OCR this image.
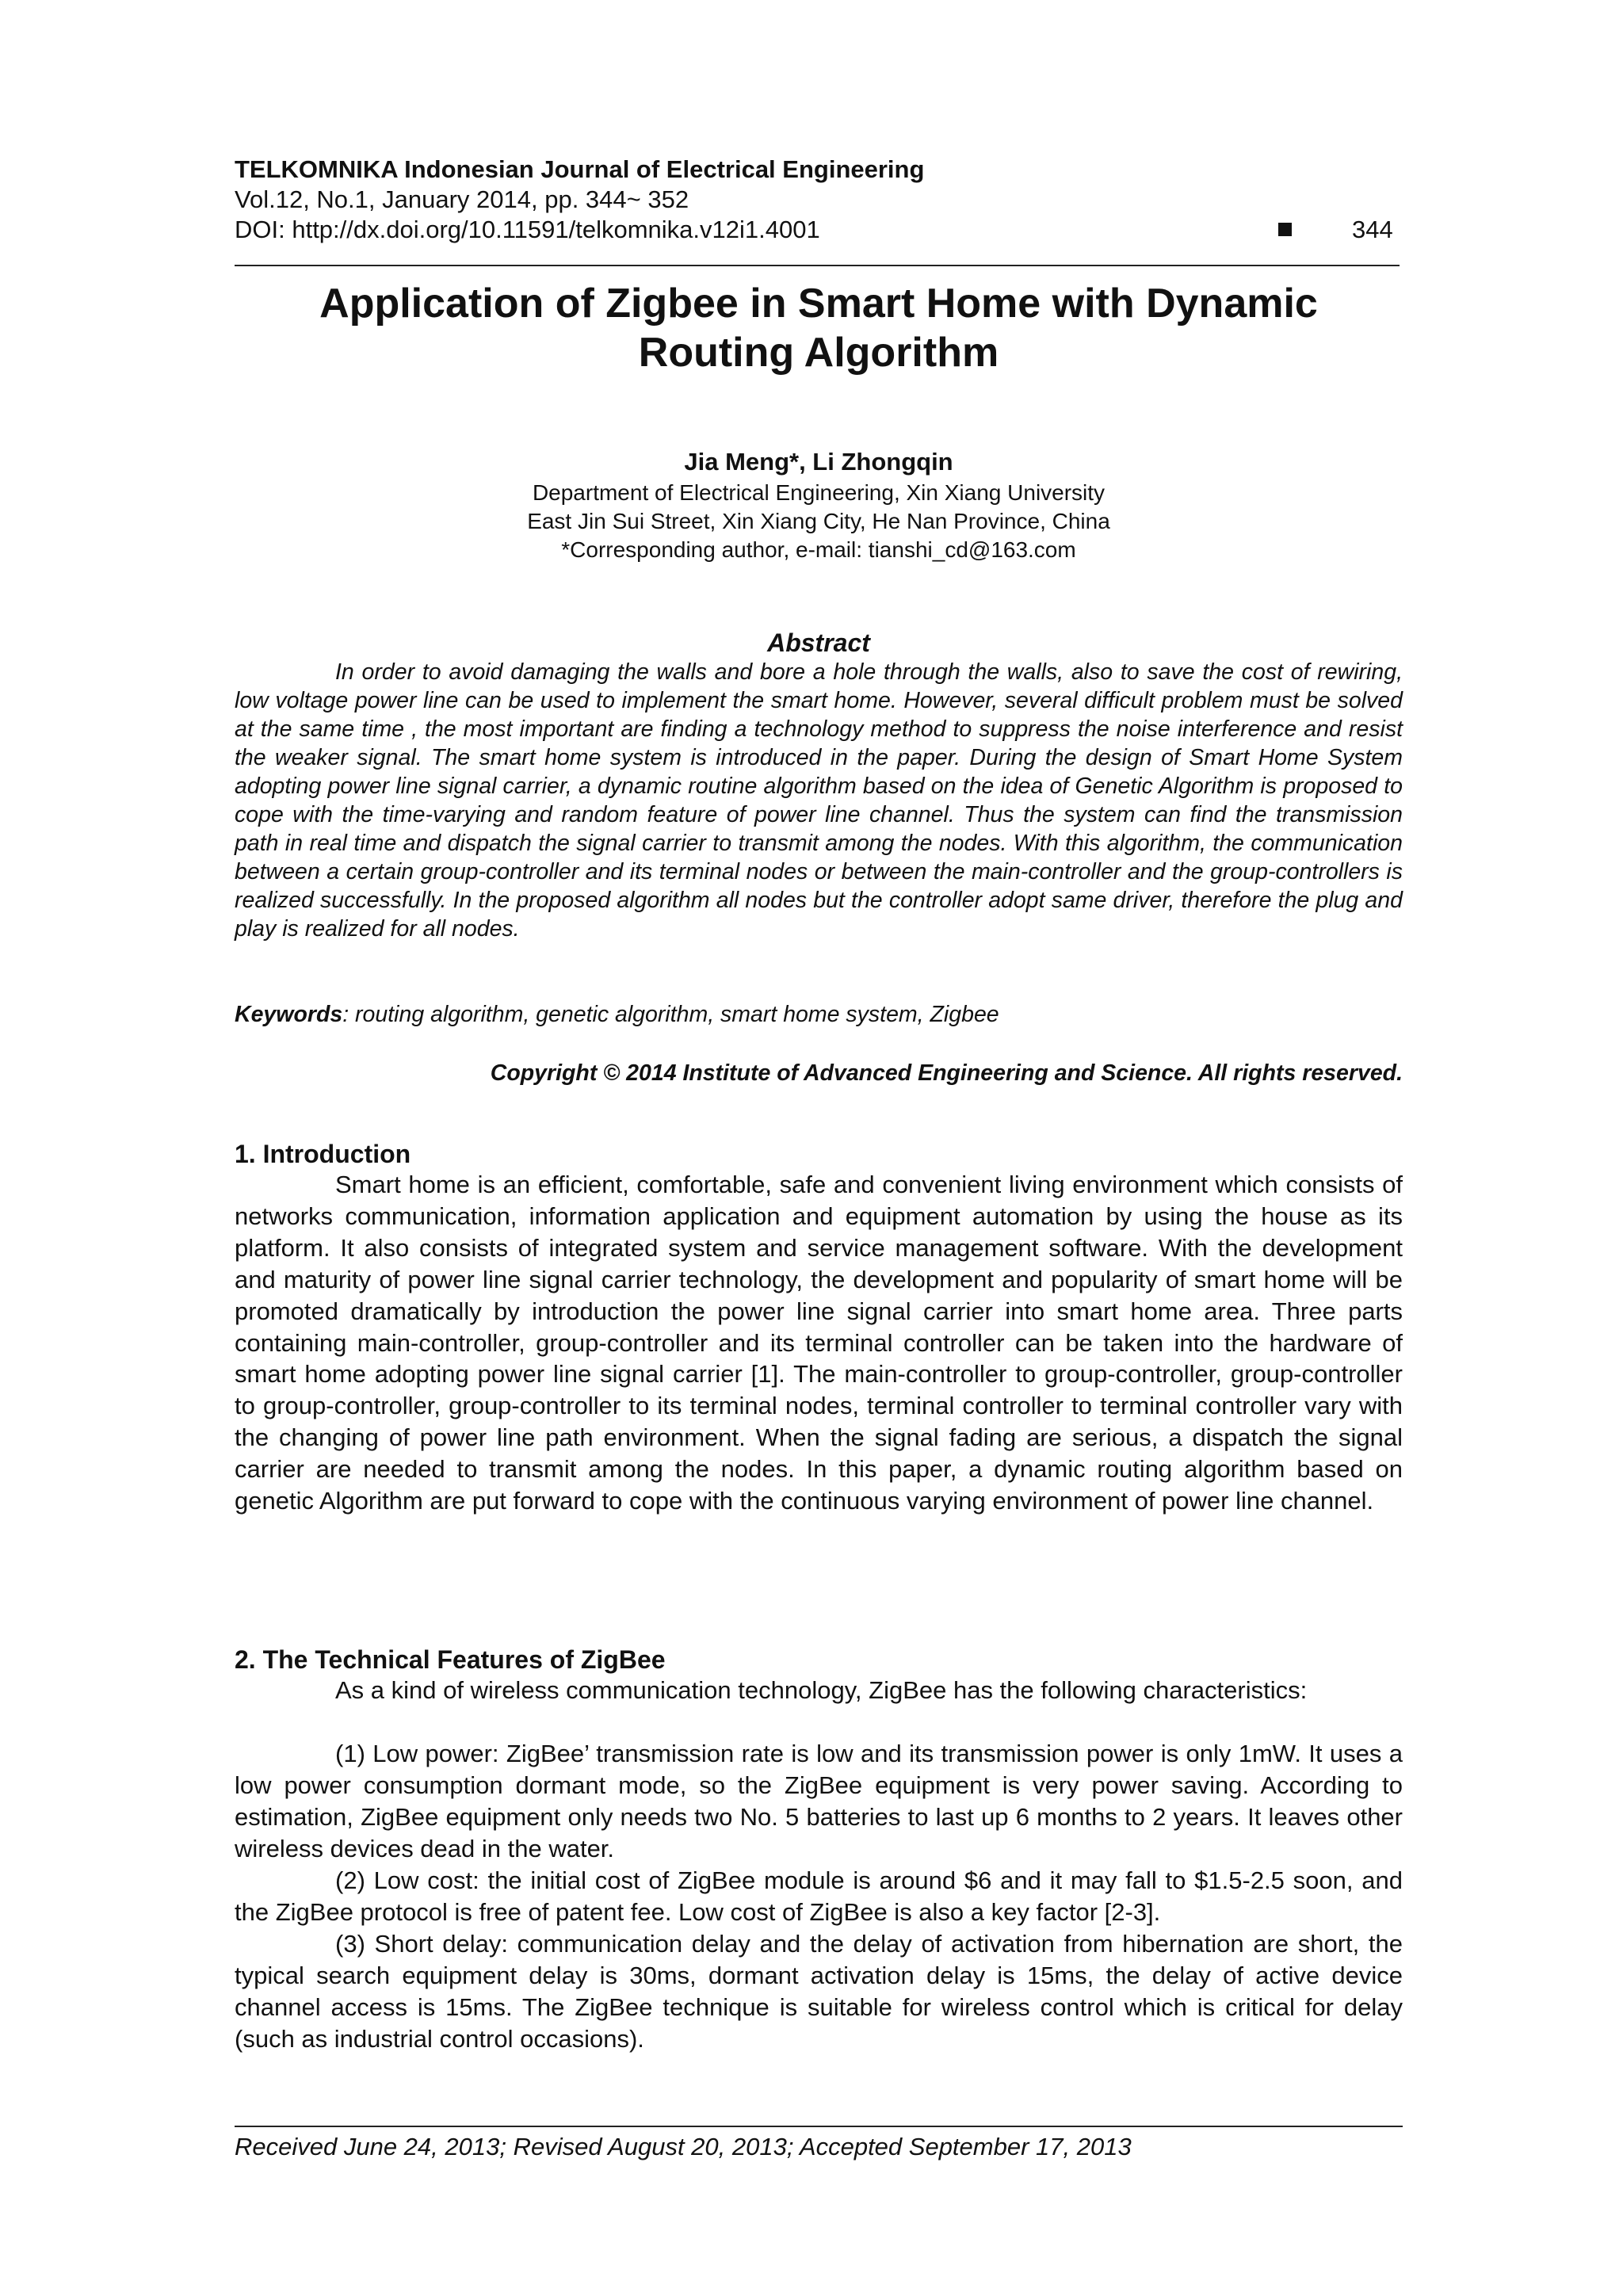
TELKOMNIKA Indonesian Journal of Electrical Engineering
Vol.12, No.1, January 2014, pp. 344~ 352
DOI: http://dx.doi.org/10.11591/telkomnika.v12i1.4001	344
Application of Zigbee in Smart Home with Dynamic Routing Algorithm
Jia Meng*, Li Zhongqin
Department of Electrical Engineering, Xin Xiang University
East Jin Sui Street, Xin Xiang City, He Nan Province, China
*Corresponding author, e-mail: tianshi_cd@163.com
Abstract
In order to avoid damaging the walls and bore a hole through the walls, also to save the cost of rewiring, low voltage power line can be used to implement the smart home. However, several difficult problem must be solved at the same time , the most important are finding a technology method to suppress the noise interference and resist the weaker signal. The smart home system is introduced in the paper. During the design of Smart Home System adopting power line signal carrier, a dynamic routine algorithm based on the idea of Genetic Algorithm is proposed to cope with the time-varying and random feature of power line channel. Thus the system can find the transmission path in real time and dispatch the signal carrier to transmit among the nodes. With this algorithm, the communication between a certain group-controller and its terminal nodes or between the main-controller and the group-controllers is realized successfully. In the proposed algorithm all nodes but the controller adopt same driver, therefore the plug and play is realized for all nodes.
Keywords: routing algorithm, genetic algorithm, smart home system, Zigbee
Copyright © 2014 Institute of Advanced Engineering and Science. All rights reserved.
1. Introduction

Smart home is an efficient, comfortable, safe and convenient living environment which consists of networks communication, information application and equipment automation by using the house as its platform. It also consists of integrated system and service management software. With the development and maturity of power line signal carrier technology, the development and popularity of smart home will be promoted dramatically by introduction the power line signal carrier into smart home area. Three parts containing main-controller, group-controller and its terminal controller can be taken into the hardware of smart home adopting power line signal carrier [1]. The main-controller to group-controller, group-controller to group-controller, group-controller to its terminal nodes, terminal controller to terminal controller vary with the changing of power line path environment. When the signal fading are serious, a dispatch the signal carrier are needed to transmit among the nodes. In this paper, a dynamic routing algorithm based on genetic Algorithm are put forward to cope with the continuous varying environment of power line channel.

2. The Technical Features of ZigBee

As a kind of wireless communication technology, ZigBee has the following characteristics:

(1) Low power: ZigBee’ transmission rate is low and its transmission power is only 1mW. It uses a low power consumption dormant mode, so the ZigBee equipment is very power saving. According to estimation, ZigBee equipment only needs two No. 5 batteries to last up 6 months to 2 years. It leaves other wireless devices dead in the water.

(2) Low cost: the initial cost of ZigBee module is around $6 and it may fall to $1.5-2.5 soon, and the ZigBee protocol is free of patent fee. Low cost of ZigBee is also a key factor [2-3].

(3) Short delay: communication delay and the delay of activation from hibernation are short, the typical search equipment delay is 30ms, dormant activation delay is 15ms, the delay of active device channel access is 15ms. The ZigBee technique is suitable for wireless control which is critical for delay (such as industrial control occasions).

Received June 24, 2013; Revised August 20, 2013; Accepted September 17, 2013
